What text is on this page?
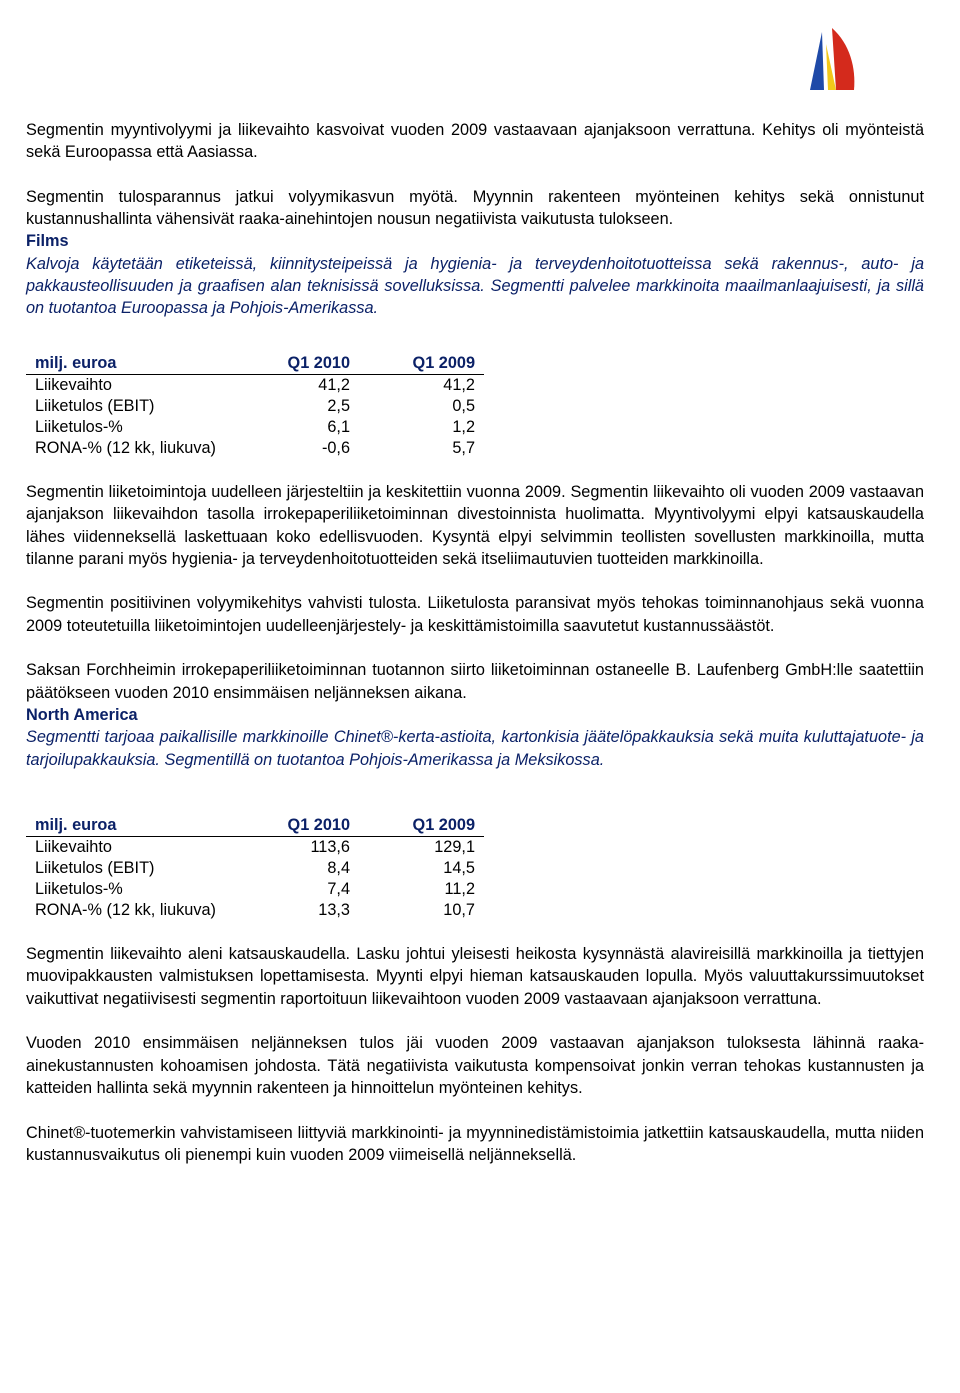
Segmentin myyntivolyymi ja liikevaihto kasvoivat vuoden 2009 vastaavaan ajanjaksoon verrattuna. Kehitys oli myönteistä sekä Euroopassa että Aasiassa.

Segmentin tulosparannus jatkui volyymikasvun myötä. Myynnin rakenteen myönteinen kehitys sekä onnistunut kustannushallinta vähensivät raaka-ainehintojen nousun negatiivista vaikutusta tulokseen.

Films

Kalvoja käytetään etiketeissä, kiinnitysteipeissä ja hygienia- ja terveydenhoitotuotteissa sekä rakennus-, auto- ja pakkausteollisuuden ja graafisen alan teknisissä sovelluksissa. Segmentti palvelee markkinoita maailmanlaajuisesti, ja sillä on tuotantoa Euroopassa ja Pohjois-Amerikassa.

milj. euroa	Q1 2010	Q1 2009
Liikevaihto	41,2	41,2
Liiketulos (EBIT)	2,5	0,5
Liiketulos-%	6,1	1,2
RONA-% (12 kk, liukuva)	-0,6	5,7

Segmentin liiketoimintoja uudelleen järjesteltiin ja keskitettiin vuonna 2009. Segmentin liikevaihto oli vuoden 2009 vastaavan ajanjakson liikevaihdon tasolla irrokepaperiliiketoiminnan divestoinnista huolimatta. Myyntivolyymi elpyi katsauskaudella lähes viidenneksellä laskettuaan koko edellisvuoden. Kysyntä elpyi selvimmin teollisten sovellusten markkinoilla, mutta tilanne parani myös hygienia- ja terveydenhoitotuotteiden sekä itseliimautuvien tuotteiden markkinoilla.

Segmentin positiivinen volyymikehitys vahvisti tulosta. Liiketulosta paransivat myös tehokas toiminnanohjaus sekä vuonna 2009 toteutetuilla liiketoimintojen uudelleenjärjestely- ja keskittämistoimilla saavutetut kustannussäästöt.

Saksan Forchheimin irrokepaperiliiketoiminnan tuotannon siirto liiketoiminnan ostaneelle B. Laufenberg GmbH:lle saatettiin päätökseen vuoden 2010 ensimmäisen neljänneksen aikana.

North America

Segmentti tarjoaa paikallisille markkinoille Chinet®-kerta-astioita, kartonkisia jäätelöpakkauksia sekä muita kuluttajatuote- ja tarjoilupakkauksia. Segmentillä on tuotantoa Pohjois-Amerikassa ja Meksikossa.

milj. euroa	Q1 2010	Q1 2009
Liikevaihto	113,6	129,1
Liiketulos (EBIT)	8,4	14,5
Liiketulos-%	7,4	11,2
RONA-% (12 kk, liukuva)	13,3	10,7

Segmentin liikevaihto aleni katsauskaudella. Lasku johtui yleisesti heikosta kysynnästä alavireisillä markkinoilla ja tiettyjen muovipakkausten valmistuksen lopettamisesta. Myynti elpyi hieman katsauskauden lopulla. Myös valuuttakurssimuutokset vaikuttivat negatiivisesti segmentin raportoituun liikevaihtoon vuoden 2009 vastaavaan ajanjaksoon verrattuna.

Vuoden 2010 ensimmäisen neljänneksen tulos jäi vuoden 2009 vastaavan ajanjakson tuloksesta lähinnä raaka-ainekustannusten kohoamisen johdosta. Tätä negatiivista vaikutusta kompensoivat jonkin verran tehokas kustannusten ja katteiden hallinta sekä myynnin rakenteen ja hinnoittelun myönteinen kehitys.

Chinet®-tuotemerkin vahvistamiseen liittyviä markkinointi- ja myynninedistämistoimia jatkettiin katsauskaudella, mutta niiden kustannusvaikutus oli pienempi kuin vuoden 2009 viimeisellä neljänneksellä.
